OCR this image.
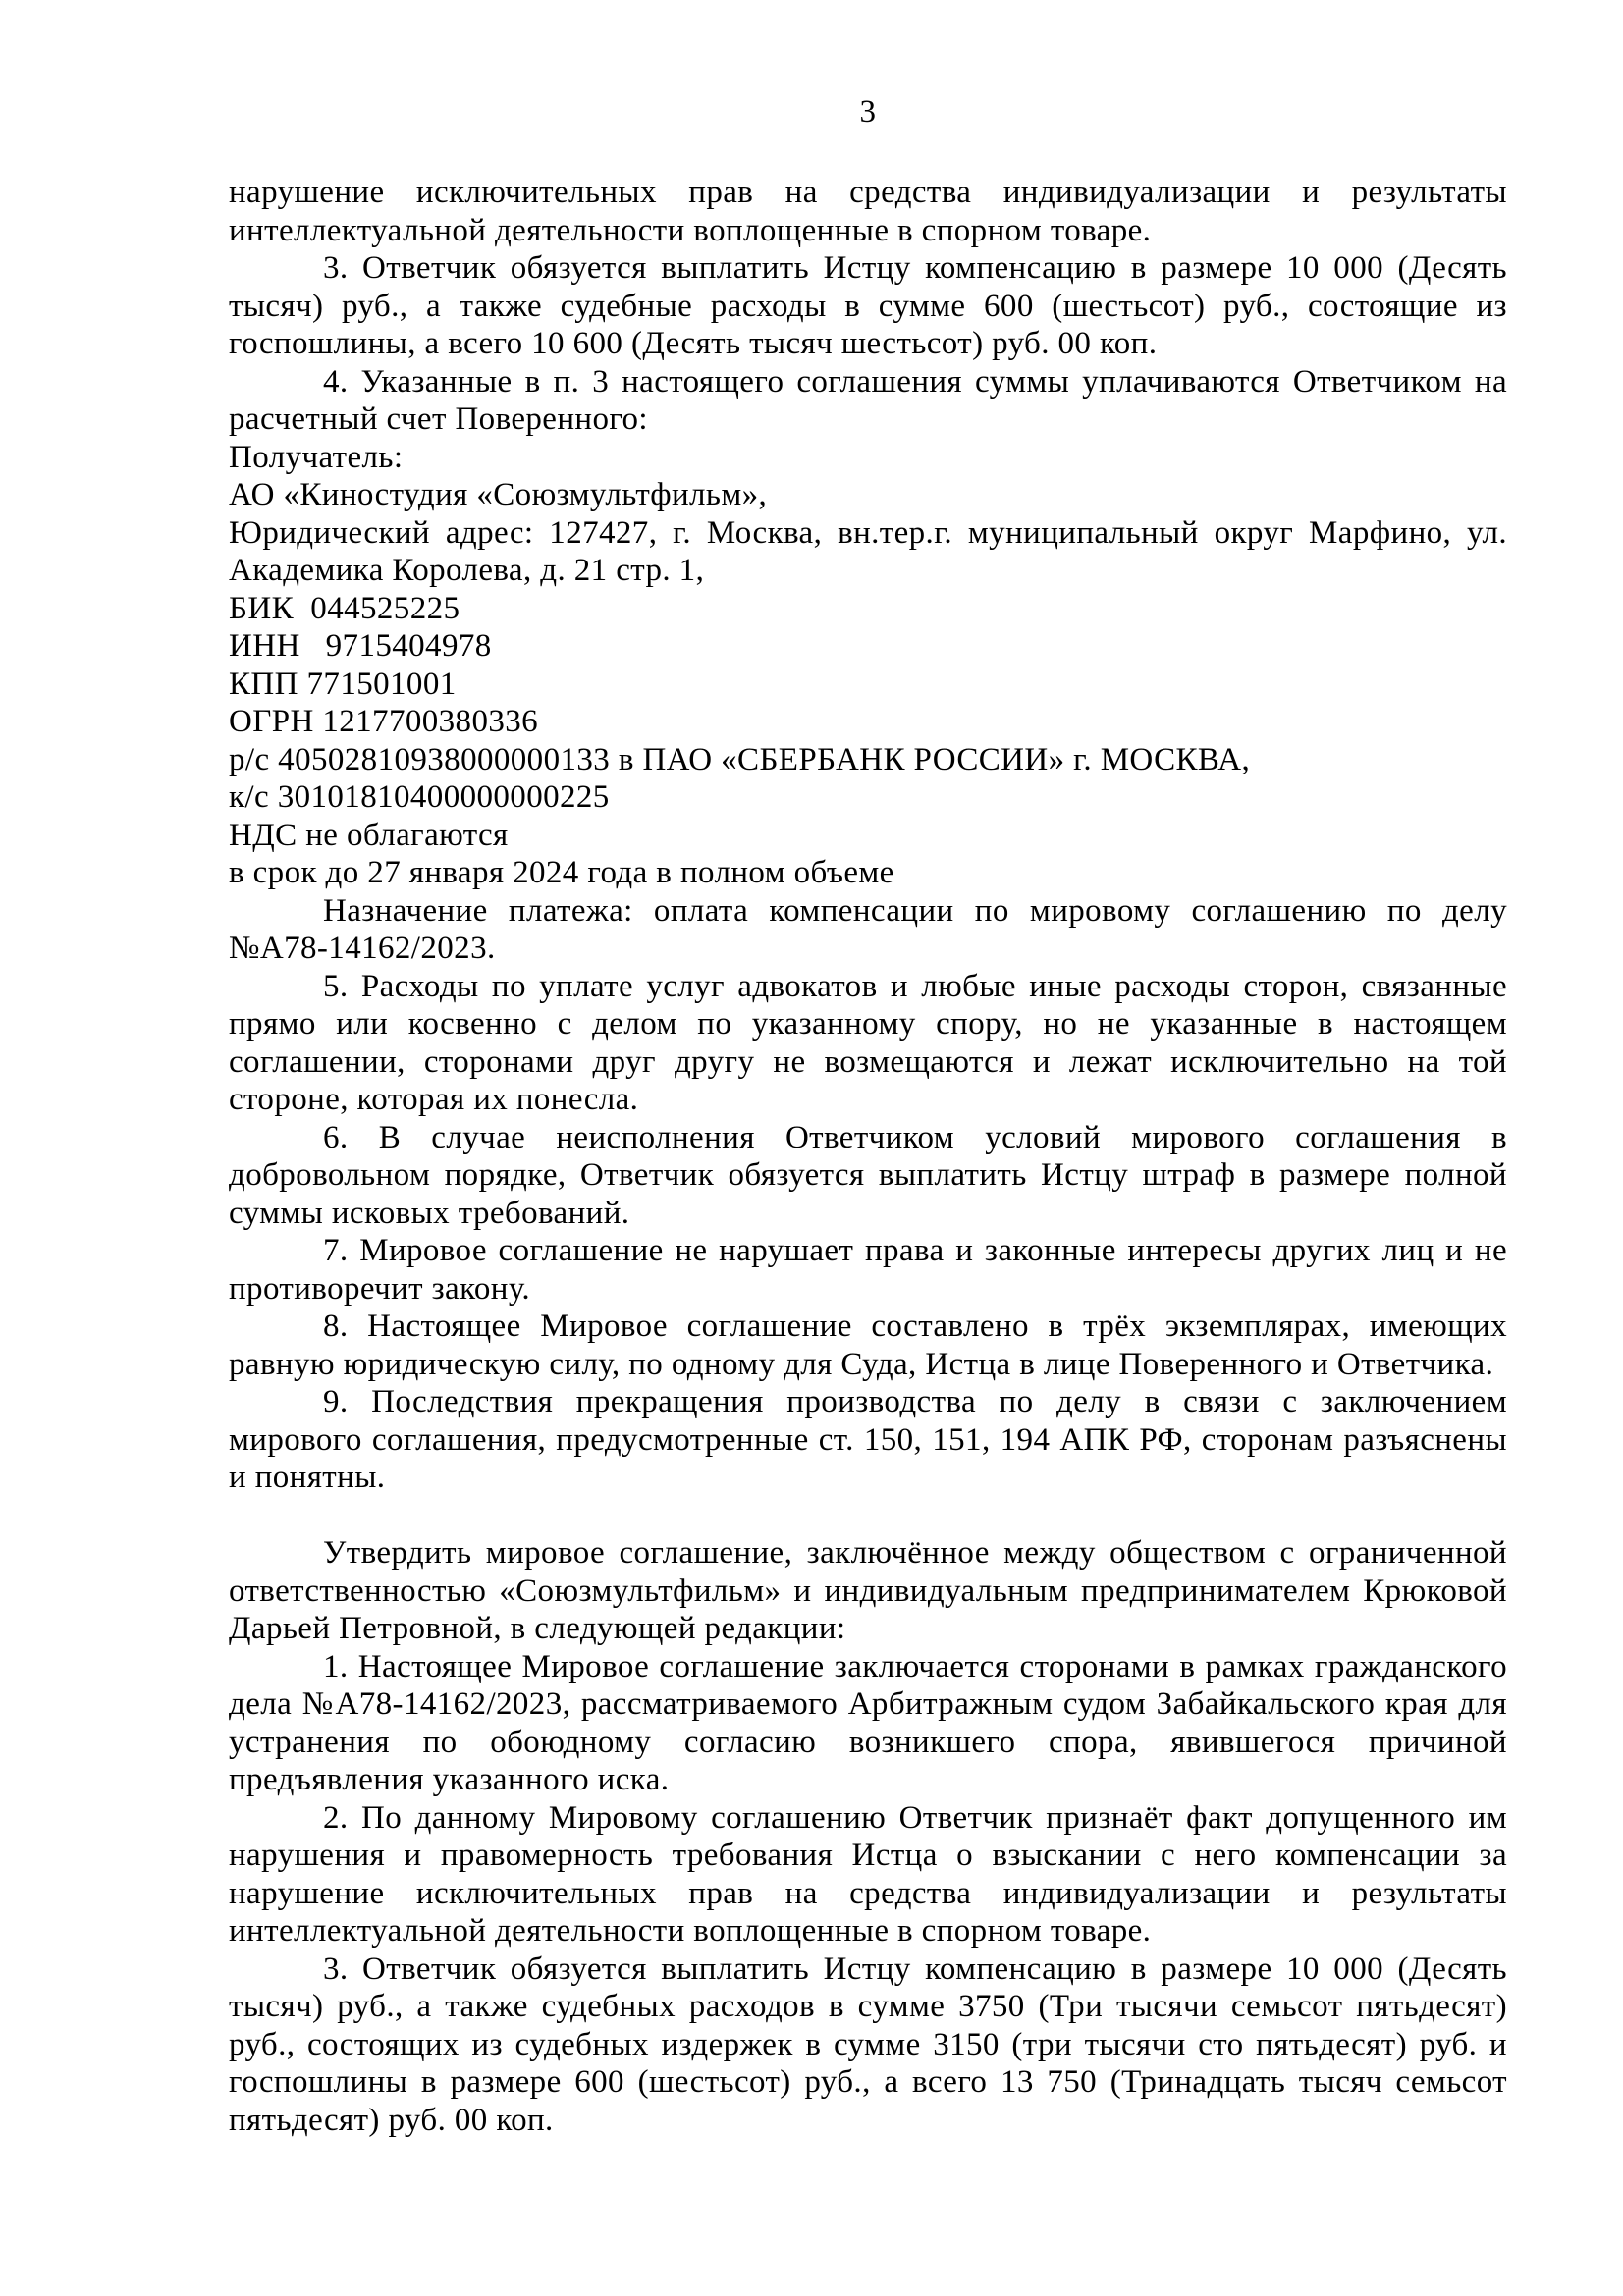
3

нарушение исключительных прав на средства индивидуализации и результаты интеллектуальной деятельности воплощенные в спорном товаре.

3. Ответчик обязуется выплатить Истцу компенсацию в размере 10 000 (Десять тысяч) руб., а также судебные расходы в сумме 600 (шестьсот) руб., состоящие из госпошлины, а всего 10 600 (Десять тысяч шестьсот) руб. 00 коп.

4. Указанные в п. 3 настоящего соглашения суммы уплачиваются Ответчиком на расчетный счет Поверенного:

Получатель:

АО «Киностудия «Союзмультфильм»,

Юридический адрес: 127427, г. Москва, вн.тер.г. муниципальный округ Марфино, ул. Академика Королева, д. 21 стр. 1,

БИК  044525225

ИНН   9715404978

КПП 771501001

ОГРН 1217700380336

р/с 40502810938000000133 в ПАО «СБЕРБАНК РОССИИ» г. МОСКВА,

к/с 30101810400000000225

НДС не облагаются

в срок до 27 января 2024 года в полном объеме

Назначение платежа: оплата компенсации по мировому соглашению по делу №А78-14162/2023.

5. Расходы по уплате услуг адвокатов и любые иные расходы сторон, связанные прямо или косвенно с делом по указанному спору, но не указанные в настоящем соглашении, сторонами друг другу не возмещаются и лежат исключительно на той стороне, которая их понесла.

6. В случае неисполнения Ответчиком условий мирового соглашения в добровольном порядке, Ответчик обязуется выплатить Истцу штраф в размере полной суммы исковых требований.

7. Мировое соглашение не нарушает права и законные интересы других лиц и не противоречит закону.

8. Настоящее Мировое соглашение составлено в трёх экземплярах, имеющих равную юридическую силу, по одному для Суда, Истца в лице Поверенного и Ответчика.

9. Последствия прекращения производства по делу в связи с заключением мирового соглашения, предусмотренные ст. 150, 151, 194 АПК РФ, сторонам разъяснены и понятны.

Утвердить мировое соглашение, заключённое между обществом с ограниченной ответственностью «Союзмультфильм» и индивидуальным предпринимателем Крюковой Дарьей Петровной, в следующей редакции:

1. Настоящее Мировое соглашение заключается сторонами в рамках гражданского дела №А78-14162/2023, рассматриваемого Арбитражным судом Забайкальского края для устранения по обоюдному согласию возникшего спора, явившегося причиной предъявления указанного иска.

2. По данному Мировому соглашению Ответчик признаёт факт допущенного им нарушения и правомерность требования Истца о взыскании с него компенсации за нарушение исключительных прав на средства индивидуализации и результаты интеллектуальной деятельности воплощенные в спорном товаре.

3. Ответчик обязуется выплатить Истцу компенсацию в размере 10 000 (Десять тысяч) руб., а также судебных расходов в сумме 3750 (Три тысячи семьсот пятьдесят) руб., состоящих из судебных издержек в сумме 3150 (три тысячи сто пятьдесят) руб. и госпошлины в размере 600 (шестьсот) руб., а всего 13 750 (Тринадцать тысяч семьсот пятьдесят) руб. 00 коп.
